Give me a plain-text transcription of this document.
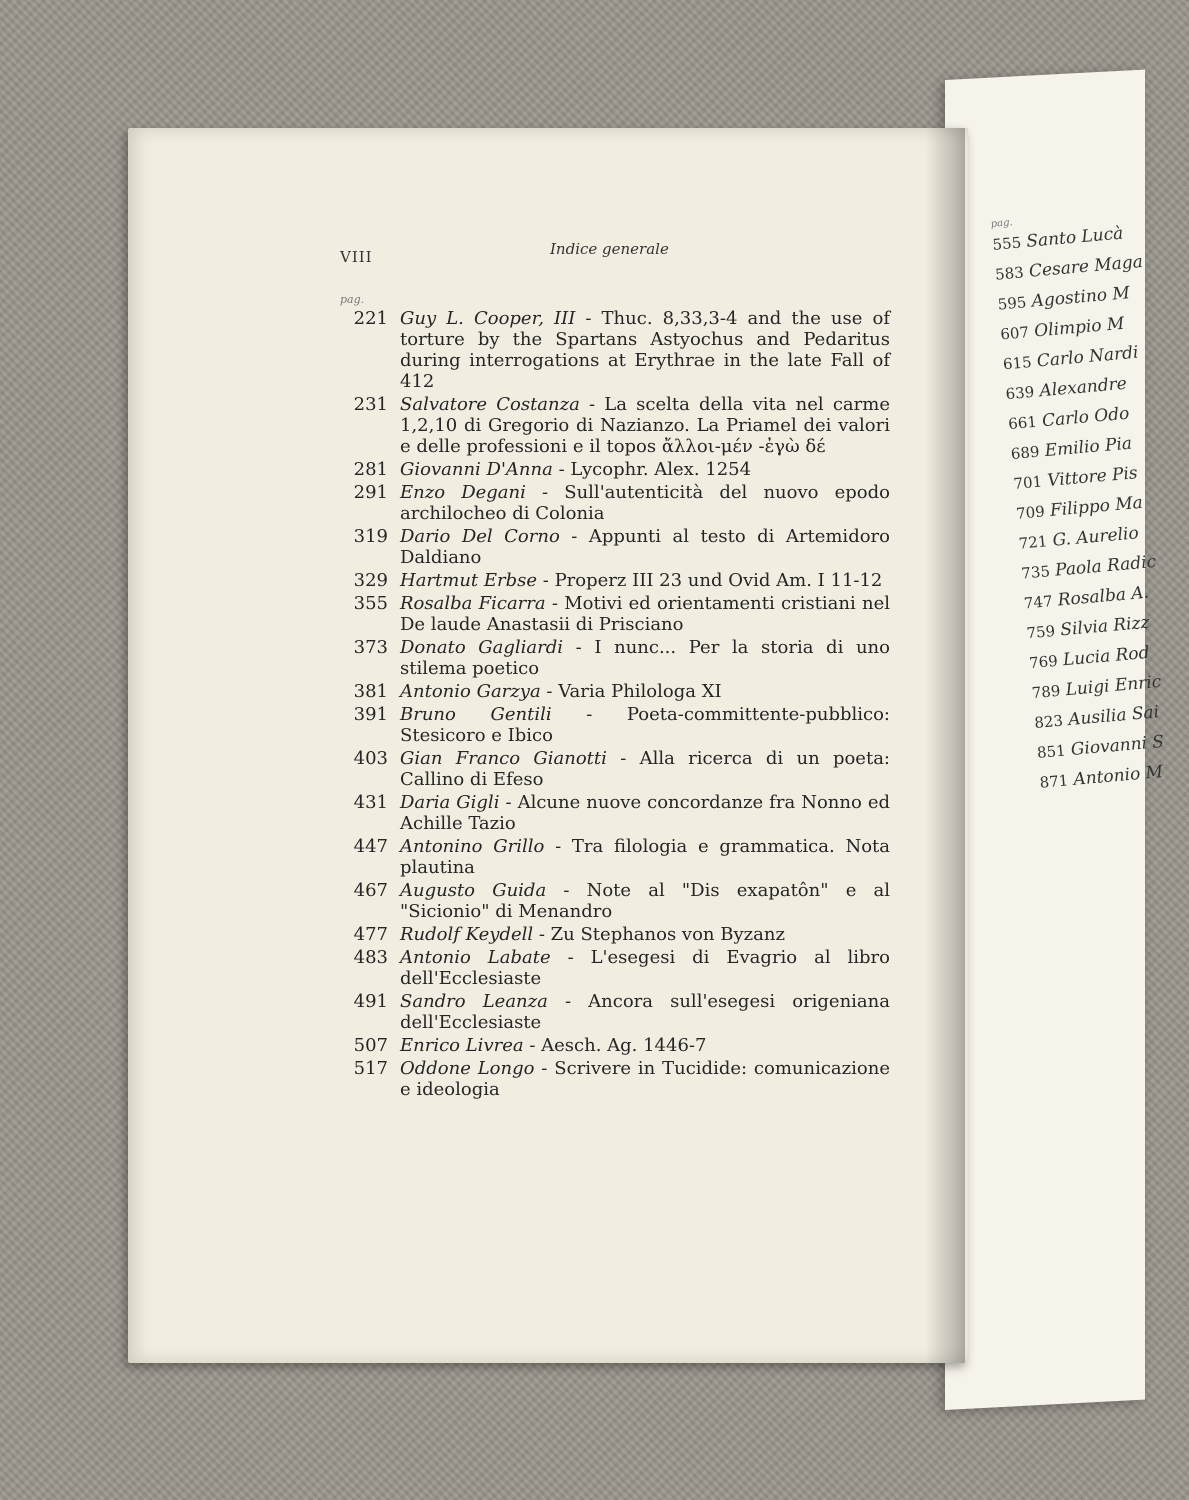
VIII	Indice generale
pag.
221 Guy L. Cooper, III - Thuc. 8,33,3-4 and the use of torture by the Spartans Astyochus and Pedaritus during interrogations at Erythrae in the late Fall of 412
231 Salvatore Costanza - La scelta della vita nel carme 1,2,10 di Gregorio di Nazianzo. La Priamel dei valori e delle professioni e il topos ἄλλοι-μέν -ἐγὼ δέ
281 Giovanni D'Anna - Lycophr. Alex. 1254
291 Enzo Degani - Sull'autenticità del nuovo epodo archilocheo di Colonia
319 Dario Del Corno - Appunti al testo di Artemidoro Daldiano
329 Hartmut Erbse - Properz III 23 und Ovid Am. I 11-12
355 Rosalba Ficarra - Motivi ed orientamenti cristiani nel De laude Anastasii di Prisciano
373 Donato Gagliardi - I nunc... Per la storia di uno stilema poetico
381 Antonio Garzya - Varia Philologa XI
391 Bruno Gentili - Poeta-committente-pubblico: Stesicoro e Ibico
403 Gian Franco Gianotti - Alla ricerca di un poeta: Callino di Efeso
431 Daria Gigli - Alcune nuove concordanze fra Nonno ed Achille Tazio
447 Antonino Grillo - Tra filologia e grammatica. Nota plautina
467 Augusto Guida - Note al "Dis exapatôn" e al "Sicionio" di Menandro
477 Rudolf Keydell - Zu Stephanos von Byzanz
483 Antonio Labate - L'esegesi di Evagrio al libro dell'Ecclesiaste
491 Sandro Leanza - Ancora sull'esegesi origeniana dell'Ecclesiaste
507 Enrico Livrea - Aesch. Ag. 1446-7
517 Oddone Longo - Scrivere in Tucidide: comunicazione e ideologia
pag.
555 Santo Lucà
583 Cesare Maga
595 Agostino M
607 Olimpio M
615 Carlo Nardi
639 Alexandre
661 Carlo Odo
689 Emilio Pia
701 Vittore Pis
709 Filippo Ma
721 G. Aurelio
735 Paola Radic
747 Rosalba A.
759 Silvia Rizz
769 Lucia Rod
789 Luigi Enric
823 Ausilia Sai
851 Giovanni S
871 Antonio M
